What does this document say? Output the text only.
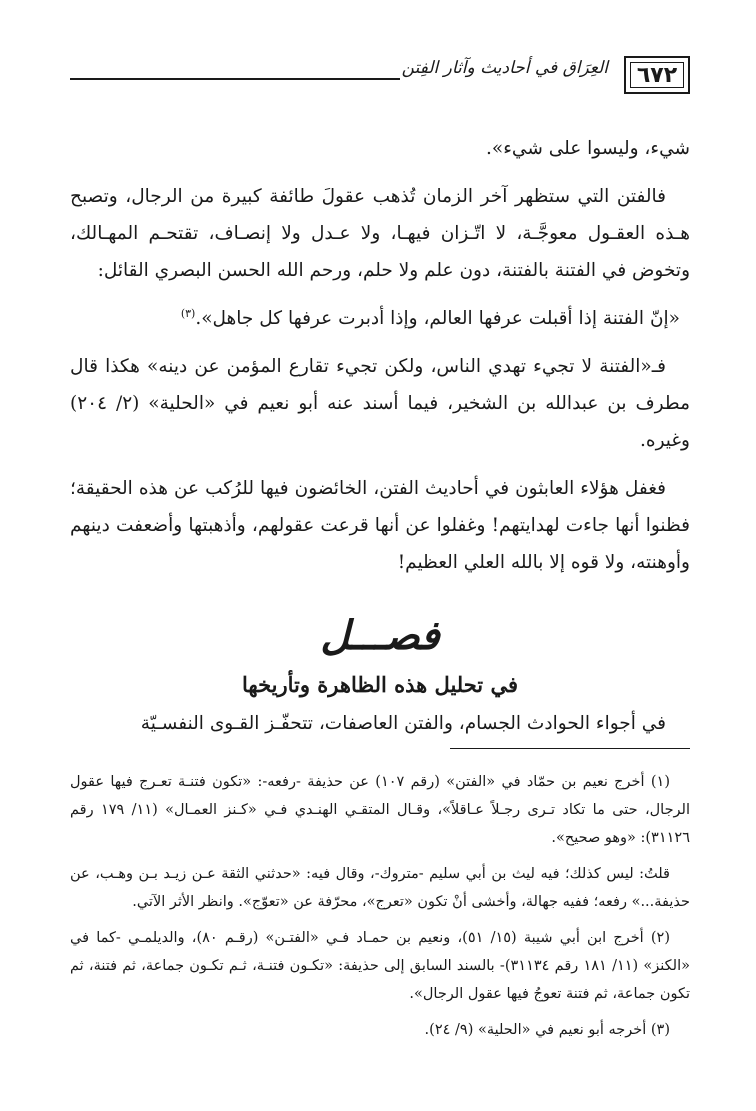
العِرَاق في أحاديث وآثار الفِتن	٦٧٢

شيء، وليسوا على شيء».

فالفتن التي ستظهر آخر الزمان تُذهب عقولَ طائفة كبيرة من الرجال، وتصبح هـذه العقـول معوجَّـة، لا اتّـزان فيهـا، ولا عـدل ولا إنصـاف، تقتحـم المهـالك، وتخوض في الفتنة بالفتنة، دون علم ولا حلم، ورحم الله الحسن البصري القائل:

«إنّ الفتنة إذا أقبلت عرفها العالم، وإذا أدبرت عرفها كل جاهل».$^{(٣)}$

فـ«الفتنة لا تجيء تهدي الناس، ولكن تجيء تقارع المؤمن عن دينه» هكذا قال مطرف بن عبدالله بن الشخير، فيما أسند عنه أبو نعيم في «الحلية» (٢/ ٢٠٤) وغيره.

فغفل هؤلاء العابثون في أحاديث الفتن، الخائضون فيها للرُكب عن هذه الحقيقة؛ فظنوا أنها جاءت لهدايتهم! وغفلوا عن أنها قرعت عقولهم، وأذهبتها وأضعفت دينهم وأوهنته، ولا قوه إلا بالله العلي العظيم!

فصـــل
في تحليل هذه الظاهرة وتأريخها

في أجواء الحوادث الجسام، والفتن العاصفات، تتحفّـز القـوى النفسـيّة

(١) أخرج نعيم بن حمّاد في «الفتن» (رقم ١٠٧) عن حذيفة -رفعه-: «تكون فتنـة تعـرج فيها عقول الرجال، حتى ما تكاد تـرى رجـلاً عـاقلاً»، وقـال المتقـي الهنـدي فـي «كـنز العمـال» (١١/ ١٧٩ رقم ٣١١٢٦): «وهو صحيح».

قلتُ: ليس كذلك؛ فيه ليث بن أبي سليم -متروك-، وقال فيه: «حدثني الثقة عـن زيـد بـن وهـب، عن حذيفة...» رفعه؛ ففيه جهالة، وأخشى أنْ تكون «تعرج»، محرّفة عن «تعوّج». وانظر الأثر الآتي.

(٢) أخرج ابن أبي شيبة (١٥/ ٥١)، ونعيم بن حمـاد فـي «الفتـن» (رقـم ٨٠)، والديلمـي -كما في «الكنز» (١١/ ١٨١ رقم ٣١١٣٤)- بالسند السابق إلى حذيفة: «تكـون فتنـة، ثـم تكـون جماعة، ثم فتنة، ثم تكون جماعة، ثم فتنة تعوجُ فيها عقول الرجال».

(٣) أخرجه أبو نعيم في «الحلية» (٩/ ٢٤).
